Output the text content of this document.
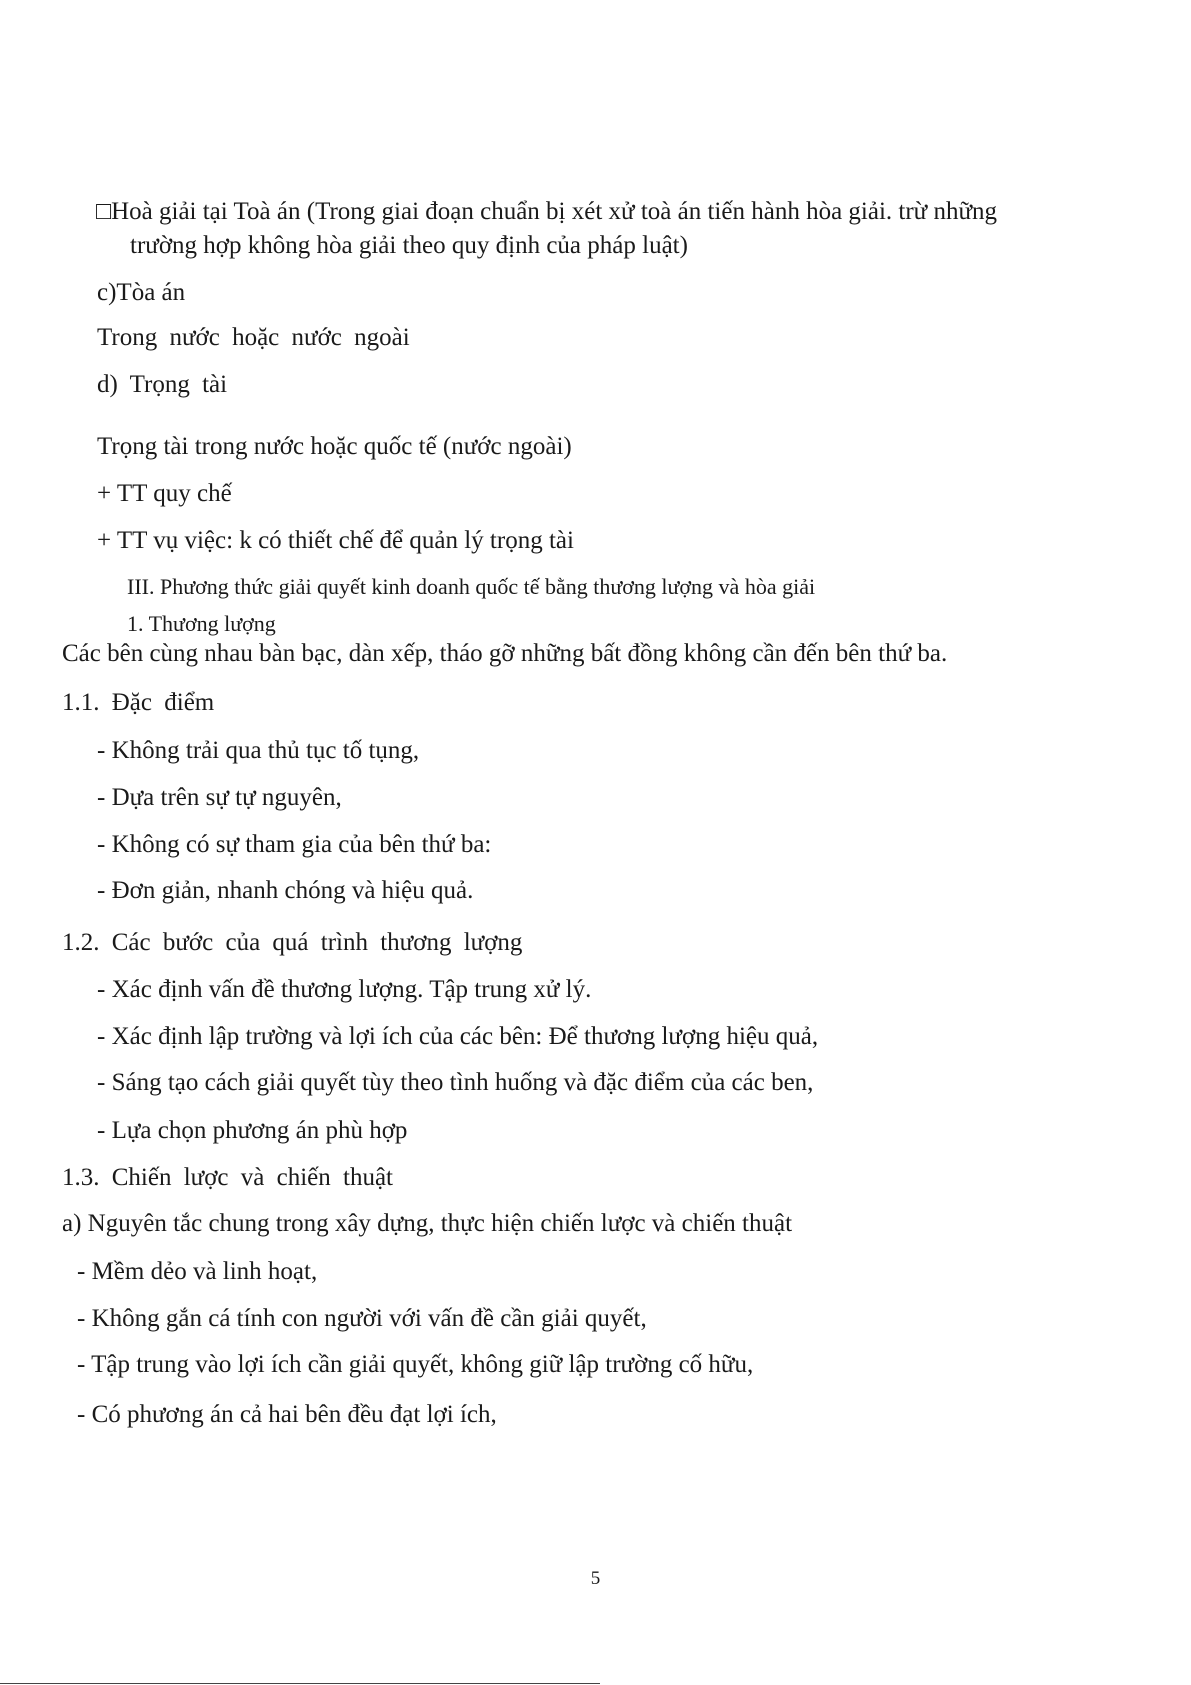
□Hoà giải tại Toà án (Trong giai đoạn chuẩn bị xét xử toà án tiến hành hòa giải. trừ những
trường hợp không hòa giải theo quy định của pháp luật)
c)Tòa án
Trong nước hoặc nước ngoài
d) Trọng tài
Trọng tài trong nước hoặc quốc tế (nước ngoài)
+ TT quy chế
+ TT vụ việc: k có thiết chế để quản lý trọng tài
III. Phương thức giải quyết kinh doanh quốc tế bằng thương lượng và hòa giải
1. Thương lượng
Các bên cùng nhau bàn bạc, dàn xếp, tháo gỡ những bất đồng không cần đến bên thứ ba.
1.1. Đặc điểm
- Không trải qua thủ tục tố tụng,
- Dựa trên sự tự nguyên,
- Không có sự tham gia của bên thứ ba:
- Đơn giản, nhanh chóng và hiệu quả.
1.2. Các bước của quá trình thương lượng
- Xác định vấn đề thương lượng. Tập trung xử lý.
- Xác định lập trường và lợi ích của các bên: Để thương lượng hiệu quả,
- Sáng tạo cách giải quyết tùy theo tình huống và đặc điểm của các ben,
- Lựa chọn phương án phù hợp
1.3. Chiến lược và chiến thuật
a) Nguyên tắc chung trong xây dựng, thực hiện chiến lược và chiến thuật
- Mềm dẻo và linh hoạt,
- Không gắn cá tính con người với vấn đề cần giải quyết,
- Tập trung vào lợi ích cần giải quyết, không giữ lập trường cố hữu,
- Có phương án cả hai bên đều đạt lợi ích,
5
